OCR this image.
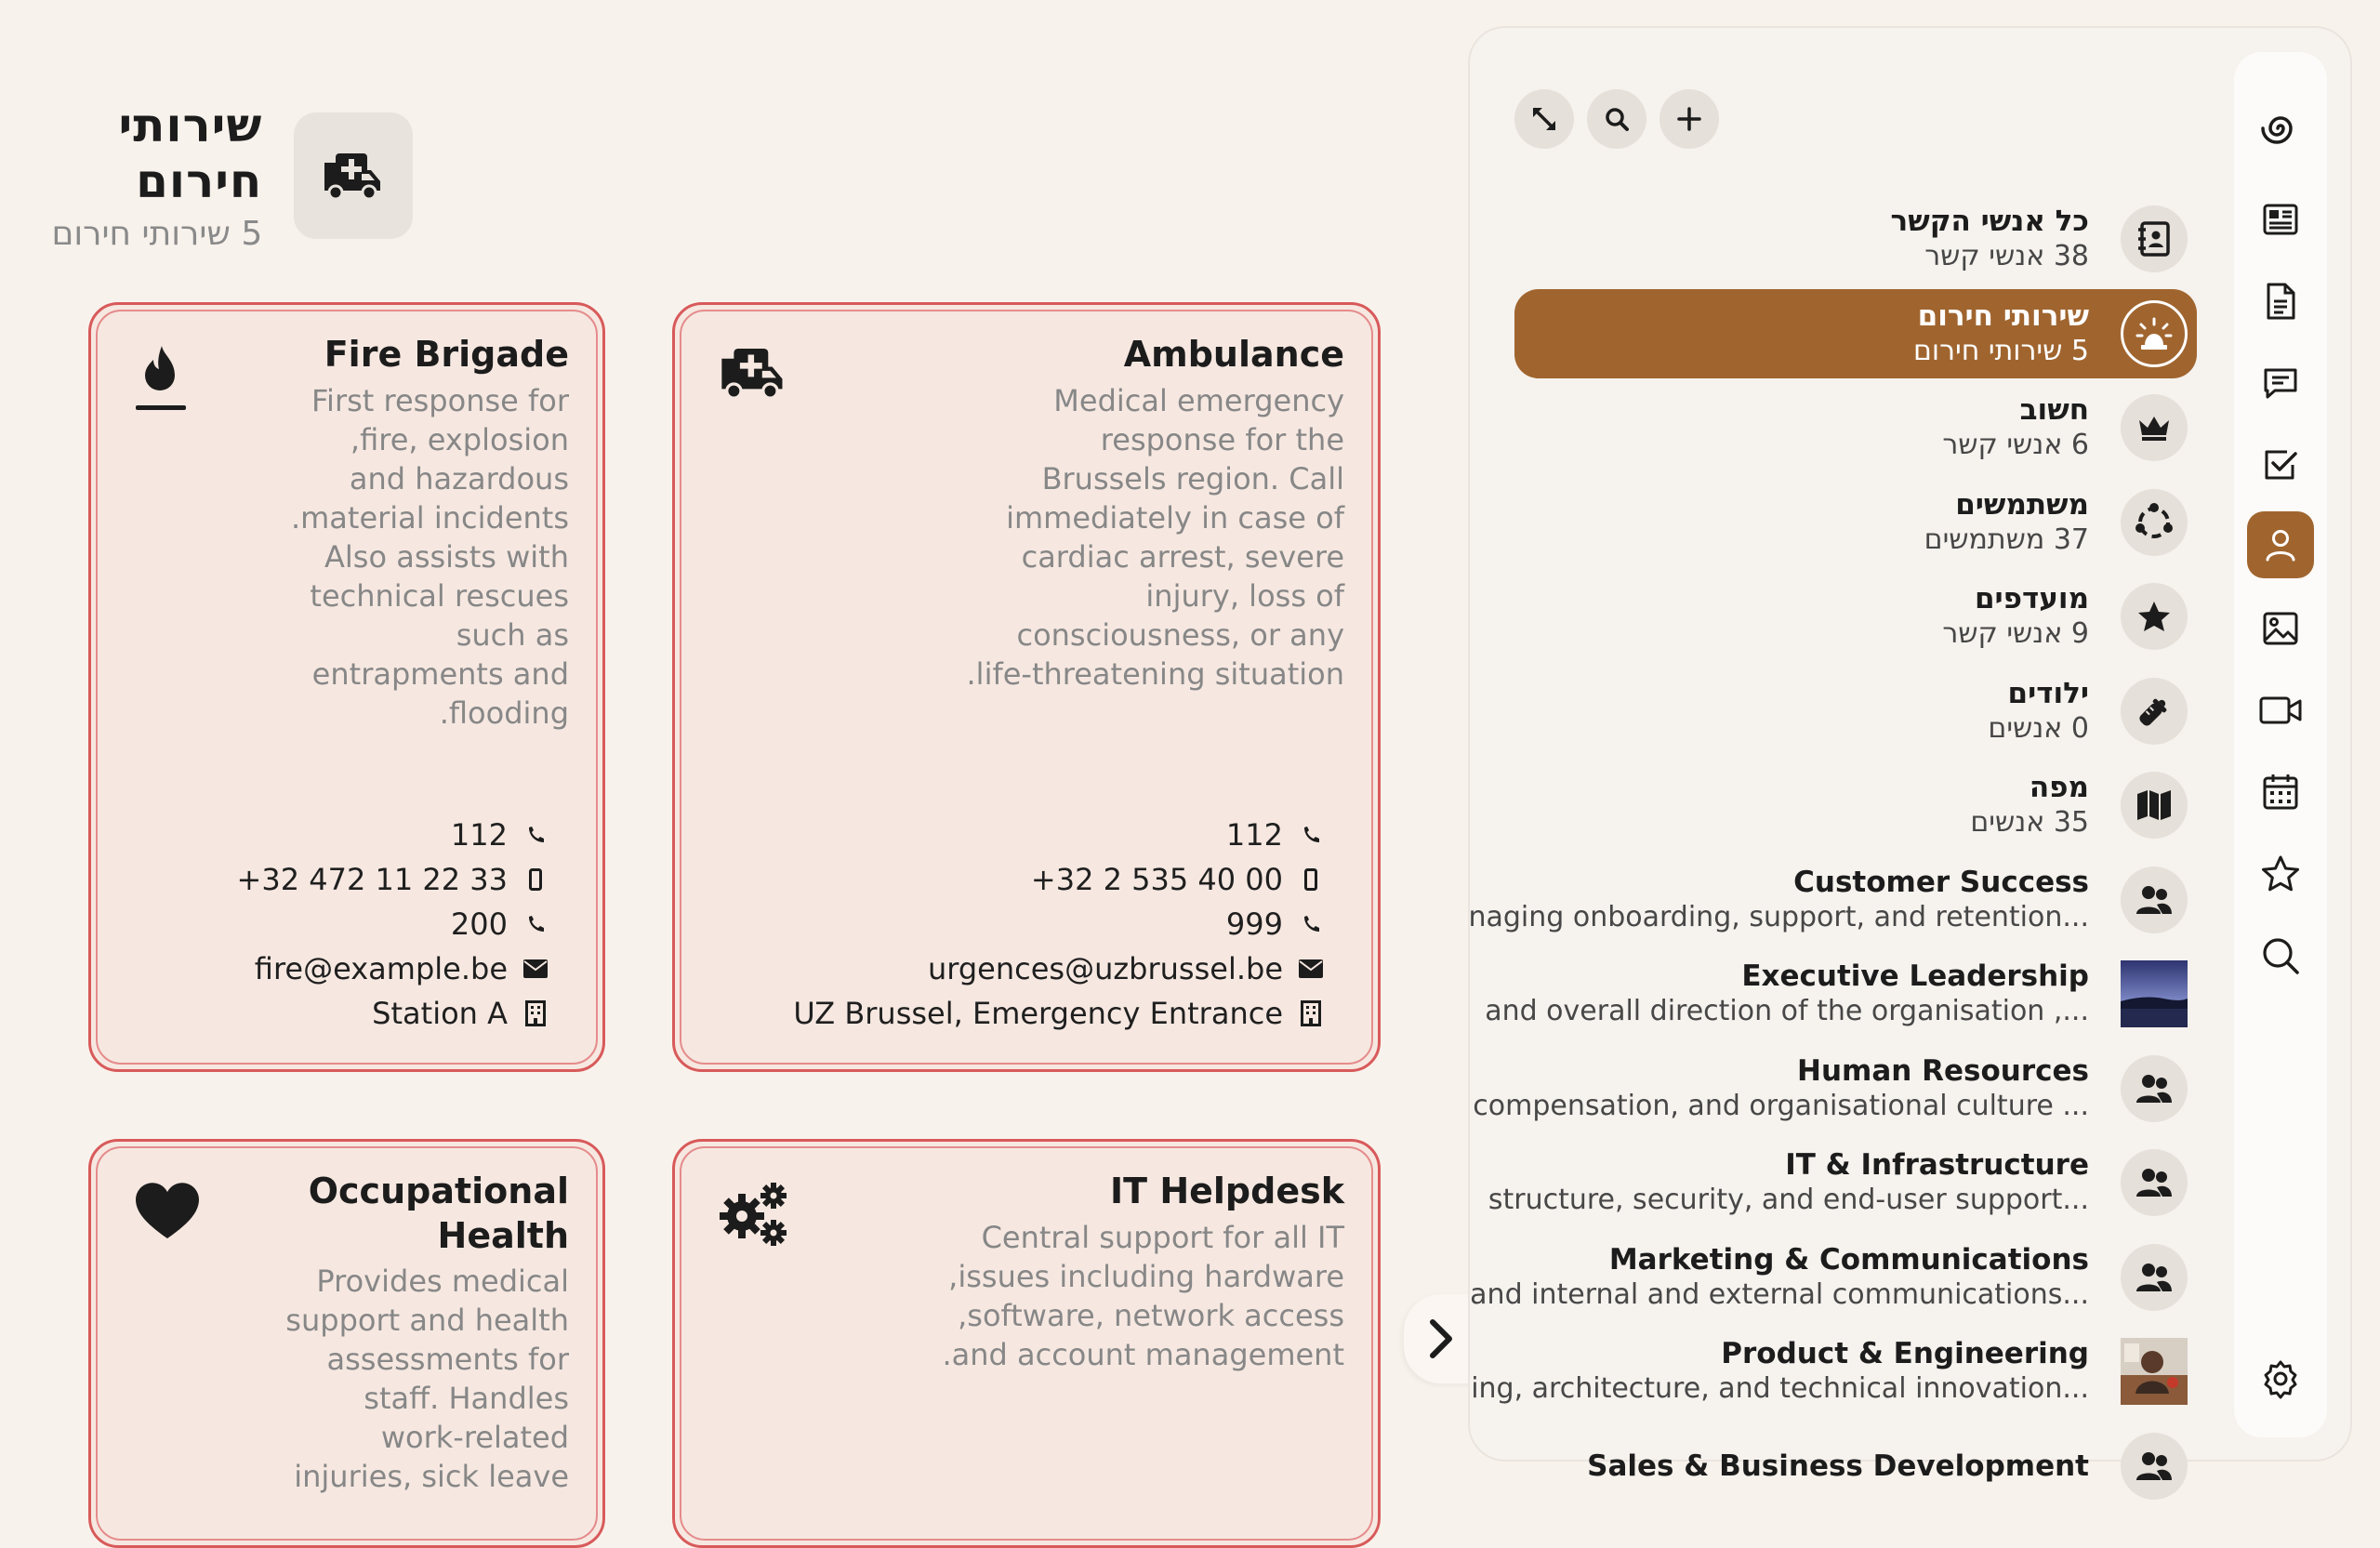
שירותי חירום
5 שירותי חירום
Fire Brigade
First response for
fire, explosion,
and hazardous
material incidents.
Also assists with
technical rescues
such as
entrapments and
flooding.
112
+32 472 11 22 33
200
fire@example.be
Station A
Ambulance
Medical emergency
response for the
Brussels region. Call
immediately in case of
cardiac arrest, severe
injury, loss of
consciousness, or any
life-threatening situation.
112
+32 2 535 40 00
999
urgences@uzbrussel.be
UZ Brussel, Emergency Entrance
Occupational
Health
Provides medical
support and health
assessments for
staff. Handles
work-related
injuries, sick leave
IT Helpdesk
Central support for all IT
issues including hardware,
software, network access,
and account management.
כל אנשי הקשר
38 אנשי קשר
שירותי חירום
5 שירותי חירום
חשוב
6 אנשי קשר
משתמשים
37 משתמשים
מועדפים
9 אנשי קשר
ילודים
0 אנשים
מפה
35 אנשים
Customer Success
...naging onboarding, support, and retention
Executive Leadership
..., and overall direction of the organisation
Human Resources
... compensation, and organisational culture
IT & Infrastructure
...structure, security, and end-user support
Marketing & Communications
...and internal and external communications
Product & Engineering
...ing, architecture, and technical innovation
Sales & Business Development
